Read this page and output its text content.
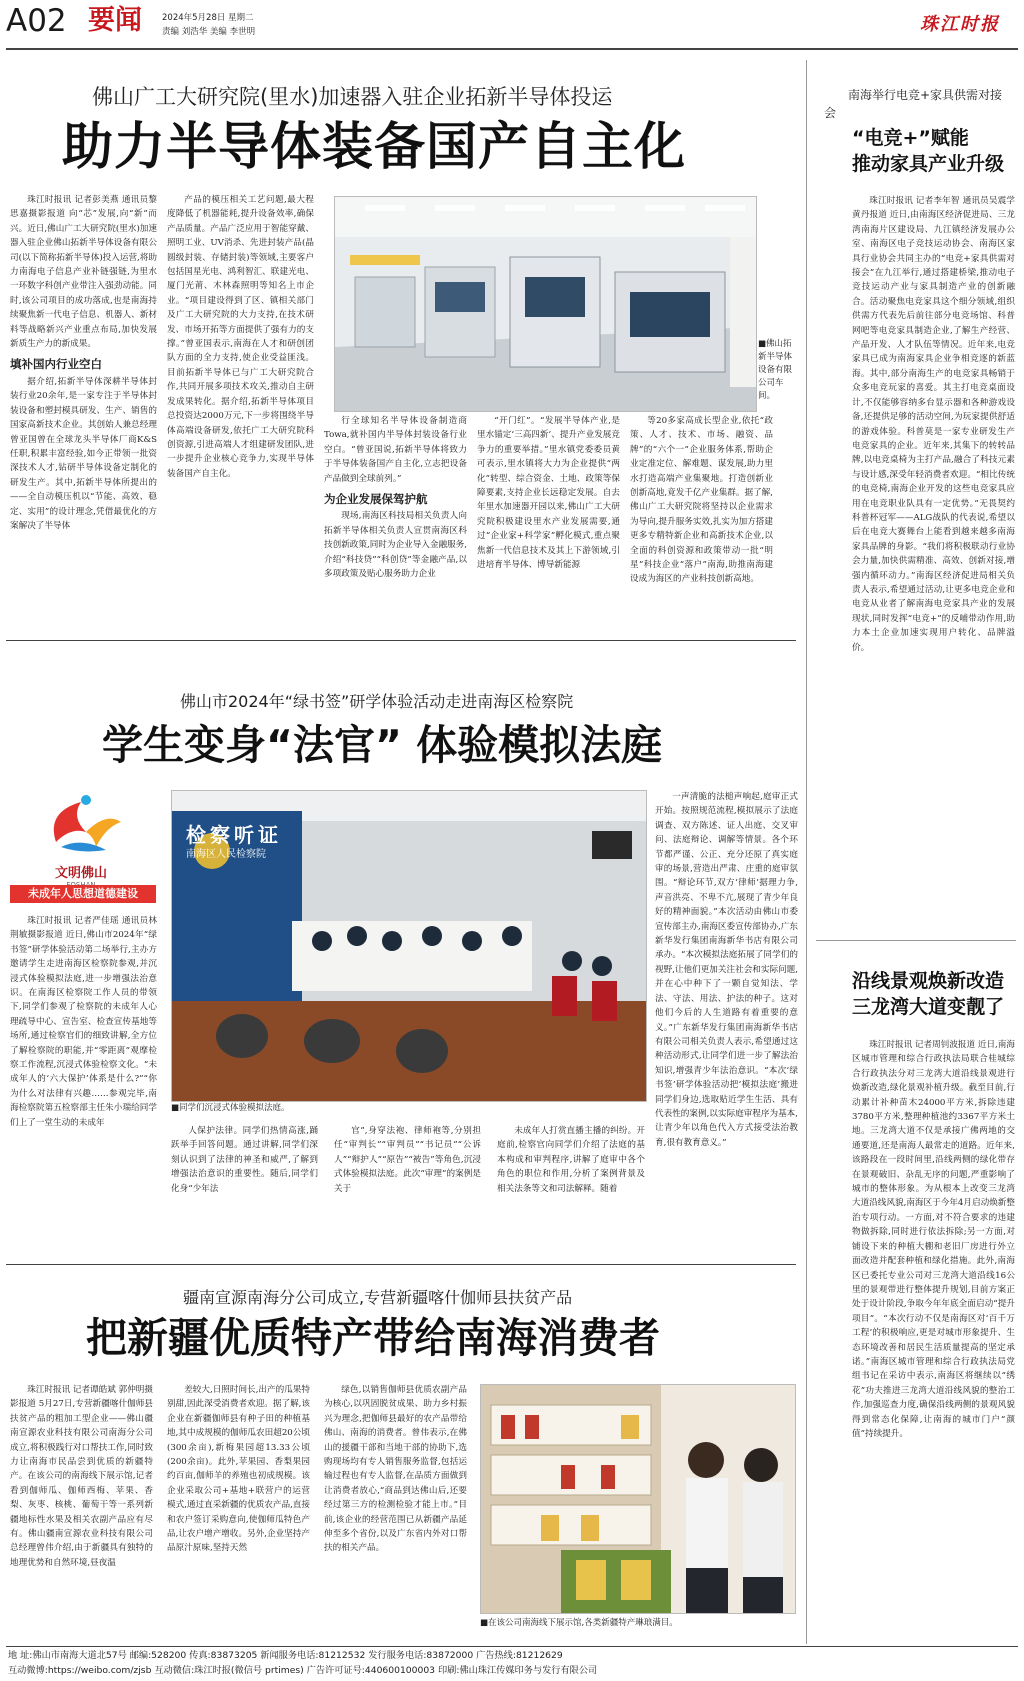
A02 要闻 2024年5月28日 星期二
责编 刘浩华 美编 李世明	珠江时报
佛山广工大研究院(里水)加速器入驻企业拓新半导体投运
助力半导体装备国产自主化

珠江时报讯 记者彭美燕 通讯员黎思嘉摄影报道 向“芯”发展,向“新”而兴。近日,佛山广工大研究院(里水)加速器入驻企业佛山拓新半导体设备有限公司(以下简称拓新半导体)投入运营,将助力南海电子信息产业补链强链,为里水一环数字科创产业带注入强劲动能。同时,该公司项目的成功落成,也是南海持续聚焦新一代电子信息、机器人、新材料等战略新兴产业重点布局,加快发展新质生产力的新成果。

填补国内行业空白

据介绍,拓新半导体深耕半导体封装行业20余年,是一家专注于半导体封装设备和塑封模具研发、生产、销售的国家高新技术企业。其创始人兼总经理曾亚国曾在全球龙头半导体厂商K&S任职,积累丰富经验,如今正带领一批资深技术人才,钻研半导体设备定制化的研发生产。其中,拓新半导体所提出的——全自动模压机以“节能、高效、稳定、实用”的设计理念,凭借最优化的方案解决了半导体

产品的模压相关工艺问题,最大程度降低了机器能耗,提升设备效率,确保产品质量。产品广泛应用于智能穿戴、照明工业、UV消杀、先进封装产品(晶圆级封装、存储封装)等领域,主要客户包括国星光电、鸿利智汇、联建光电、厦门光莆、木林森照明等知名上市企业。“项目建设得到了区、镇相关部门及广工大研究院的大力支持,在技术研发、市场开拓等方面提供了强有力的支撑。”曾亚国表示,南海在人才和研创团队方面的全力支持,使企业受益匪浅。目前拓新半导体已与广工大研究院合作,共同开展多项技术攻关,推动自主研发成果转化。据介绍,拓新半导体项目总投资达2000万元,下一步将围绕半导体高端设备研发,依托广工大研究院科创资源,引进高端人才组建研发团队,进一步提升企业核心竞争力,实现半导体装备国产自主化。

■佛山拓新半导体设备有限公司车间。

行全球知名半导体设备制造商Towa,就补国内半导体封装设备行业空白。“曾亚国说,拓新半导体将致力于半导体装备国产自主化,立志把设备产品做到全球前列。”

为企业发展保驾护航

现场,南海区科技局相关负责人向拓新半导体相关负责人宣贯南海区科技创新政策,同时为企业导入金融服务,介绍“科技贷”“科创贷”等金融产品,以多项政策及贴心服务助力企业

“开门红”。“发展半导体产业,是里水锚定‘三高四新’、提升产业发展竞争力的重要举措。”里水镇党委委员黄可表示,里水镇将大力为企业提供“两化”转型、综合资金、土地、政策等保障要素,支持企业长远稳定发展。自去年里水加速器开园以来,佛山广工大研究院积极建设里水产业发展需要,通过“企业家+科学家”孵化模式,重点聚焦新一代信息技术及其上下游领域,引进培育半导体、博导新能源

等20多家高成长型企业,依托“政策、人才、技术、市场、融资、品牌”的“六个一”企业服务体系,帮助企业定准定位、解难题、谋发展,助力里水打造高端产业集聚地。打造创新业创新高地,竟发千亿产业集群。据了解,佛山广工大研究院将坚持以企业需求为导向,提升服务实效,扎实为加方搭建更多专精特新企业和高新技术企业,以全面的科创资源和政策带动一批“明星”科技企业“落户”南海,助推南海建设成为海区的产业科技创新高地。

佛山市2024年“绿书签”研学体验活动走进南海区检察院
学生变身“法官” 体验模拟法庭
文明佛山
未成年人思想道德建设

珠江时报讯 记者严佳瑶 通讯员林荆敏摄影报道 近日,佛山市2024年“绿书签”研学体验活动第二场举行,主办方邀请学生走进南海区检察院参观,并沉浸式体验模拟法庭,进一步增强法治意识。在南海区检察院工作人员的带领下,同学们参观了检察院的未成年人心理疏导中心、宣告室、检查宣传基地等场所,通过检察官们的细致讲解,全方位了解检察院的职能,并“零距离”观摩检察工作流程,沉浸式体验检察文化。“未成年人的‘六大保护’体系是什么?”“你为什么对法律有兴趣……参观完毕,南海检察院第五检察部主任朱小瑞给同学们上了一堂生动的未成年

检察听证
南海区人民检察院
■同学们沉浸式体验模拟法庭。

一声清脆的法槌声响起,庭审正式开始。按照规范流程,模拟展示了法庭调查、双方陈述、证人出庭、交叉审问、法庭辩论、调解等情景。各个环节都严谨、公正、充分还原了真实庭审的场景,营造出严肃、庄重的庭审氛围。“辩论环节,双方‘律师’据理力争,声音洪亮、不卑不亢,展现了青少年良好的精神面貌。”本次活动由佛山市委宣传部主办,南海区委宣传部协办,广东新华发行集团南海新华书店有限公司承办。“本次模拟法庭拓展了同学们的视野,让他们更加关注社会和实际问题,并在心中种下了一颗自觉知法、学法、守法、用法、护法的种子。这对他们今后的人生道路有着重要的意义。”广东新华发行集团南海新华书店有限公司相关负责人表示,希望通过这种活动形式,让同学们进一步了解法治知识,增强青少年法治意识。“本次‘绿书签’研学体验活动把‘模拟法庭’搬进同学们身边,选取贴近学生生活、具有代表性的案例,以实际庭审程序为基本,让青少年以角色代入方式接受法治教育,很有教育意义。”

人保护法律。同学们热情高涨,踊跃举手回答问题。通过讲解,同学们深刻认识到了法律的神圣和威严,了解到增强法治意识的重要性。随后,同学们化身“少年法

官”,身穿法袍、律师袍等,分别担任“审判长”“审判员”“书记员”“公诉人”“辩护人”“原告”“被告”等角色,沉浸式体验模拟法庭。此次“审理”的案例是关于

未成年人打赏直播主播的纠纷。开庭前,检察官向同学们介绍了法庭的基本构成和审判程序,讲解了庭审中各个角色的职位和作用,分析了案例背景及相关法条等文和司法解释。随着

疆南宣源南海分公司成立,专营新疆喀什伽师县扶贫产品
把新疆优质特产带给南海消费者

珠江时报讯 记者谭皓斌 郭仲明摄影报道 5月27日,专营新疆喀什伽师县扶贫产品的粗加工型企业——佛山疆南宣源农业科技有限公司南海分公司成立,将积极践行对口帮扶工作,同时致力让南海市民品尝到优质的新疆特产。在该公司的南海线下展示馆,记者看到伽师瓜、伽师西梅、苹果、香梨、灰枣、核桃、葡萄干等一系列新疆地标性水果及相关农副产品应有尽有。佛山疆南宣源农业科技有限公司总经理曾伟介绍,由于新疆具有独特的地理优势和自然环境,昼夜温

差较大,日照时间长,出产的瓜果特别甜,因此深受消费者欢迎。据了解,该企业在新疆伽师县有种子田的种植基地,其中成规模的伽师瓜农田超20公顷(300余亩),新梅果园超13.33公顷(200余亩)。此外,苹果园、香梨果园约百亩,伽师羊的养殖也初成规模。该企业采取公司+基地+联营户的运营模式,通过直采新疆的优质农产品,直接和农户签订采购意向,使伽师瓜特色产品,让农户增产增收。另外,企业坚持产品原汁原味,坚持天然

绿色,以销售伽师县优质农副产品为核心,以巩固脱贫成果、助力乡村振兴为理念,把伽师县最好的农产品带给佛山、南海的消费者。曾伟表示,在佛山的援疆干部和当地干部的协助下,选购现场均有专人销售服务监督,包括运输过程也有专人监督,在品质方面做到让消费者放心,“商品到达佛山后,还要经过第三方的检测检验才能上市。”目前,该企业的经营范围已从新疆产品延伸至多个省份,以及广东省内外对口帮扶的相关产品。

■在该公司南海线下展示馆,各类新疆特产琳琅满目。
南海举行电竞+家具供需对接会
“电竞+”赋能
推动家具产业升级

珠江时报讯 记者李年智 通讯员吴震学 黄丹报道 近日,由南海区经济促进局、三龙湾南海片区建设局、九江镇经济发展办公室、南海区电子竞技运动协会、南海区家具行业协会共同主办的“电竞+家具供需对接会”在九江举行,通过搭建桥梁,推动电子竞技运动产业与家具制造产业的创新融合。活动聚焦电竞家具这个细分领域,组织供需方代表先后前往部分电竞场馆、科普网吧等电竞家具制造企业,了解生产经营、产品开发、人才队伍等情况。近年来,电竞家具已成为南海家具企业争相竞逐的新蓝海。其中,部分南海生产的电竞家具畅销于众多电竞玩家的喜爱。其主打电竞桌面设计,不仅能够容纳多台显示器和各种游戏设备,还提供足够的活动空间,为玩家提供舒适的游戏体验。科普莫是一家专业研发生产电竞家具的企业。近年来,其集下的转转品牌,以电竞桌椅为主打产品,融合了科技元素与设计感,深受年轻消费者欢迎。“相比传统的电竞椅,南海企业开发的这些电竞家具应用在电竞职业队具有一定优势。”无畏契约科普杯冠军——ALG战队的代表说,希望以后在电竞大赛舞台上能看到越来越多南海家具品牌的身影。“我们将积极联动行业协会力量,加快供需精准、高效、创新对接,增强内循环动力。”南海区经济促进局相关负责人表示,希望通过活动,让更多电竞企业和电竞从业者了解南海电竞家具产业的发展现状,同时发挥“电竞+”的反哺带动作用,助力本土企业加速实现用户转化、品牌溢价。

沿线景观焕新改造
三龙湾大道变靓了

珠江时报讯 记者周钊波报道 近日,南海区城市管理和综合行政执法局联合桂城综合行政执法分对三龙湾大道沿线景观进行焕新改造,绿化景观补植升级。截至目前,行动累计补种苗木24000平方米,拆除违建3780平方米,整理种植池约3367平方米土地。三龙湾大道不仅是承接广佛两地的交通要道,还是南海人最常走的道路。近年来,该路段在一段时间里,沿线两侧的绿化带存在景观破旧、杂乱无序的问题,严重影响了城市的整体形象。为从根本上改变三龙湾大道沿线风貌,南海区于今年4月启动焕新整治专项行动。一方面,对不符合要求的违建物做拆除,同时进行依法拆除;另一方面,对铺设下来的种植大棚和老旧厂房进行外立面改造并配套种植和绿化措施。此外,南海区已委托专业公司对三龙湾大道沿线16公里的景观带进行整体提升规划,目前方案正处于设计阶段,争取今年年底全面启动“提升项目”。“本次行动不仅是南海区对‘百千万工程’的积极响应,更是对城市形象提升、生态环境改善和居民生活质量提高的坚定承诺。”南海区城市管理和综合行政执法局党组书记在采访中表示,南海区将继续以“绣花”功夫推进三龙湾大道沿线风貌的整治工作,加强巡查力度,确保沿线两侧的景观风貌得到常态化保障,让南海的城市门户“颜值”持续提升。

地 址:佛山市南海大道北57号 邮编:528200 传真:83873205 新闻服务电话:81212532 发行服务电话:83872000 广告热线:81212629
互动微博:https://weibo.com/zjsb 互动微信:珠江时报(微信号 prtimes) 广告许可证号:440600100003 印刷:佛山珠江传媒印务与发行有限公司
